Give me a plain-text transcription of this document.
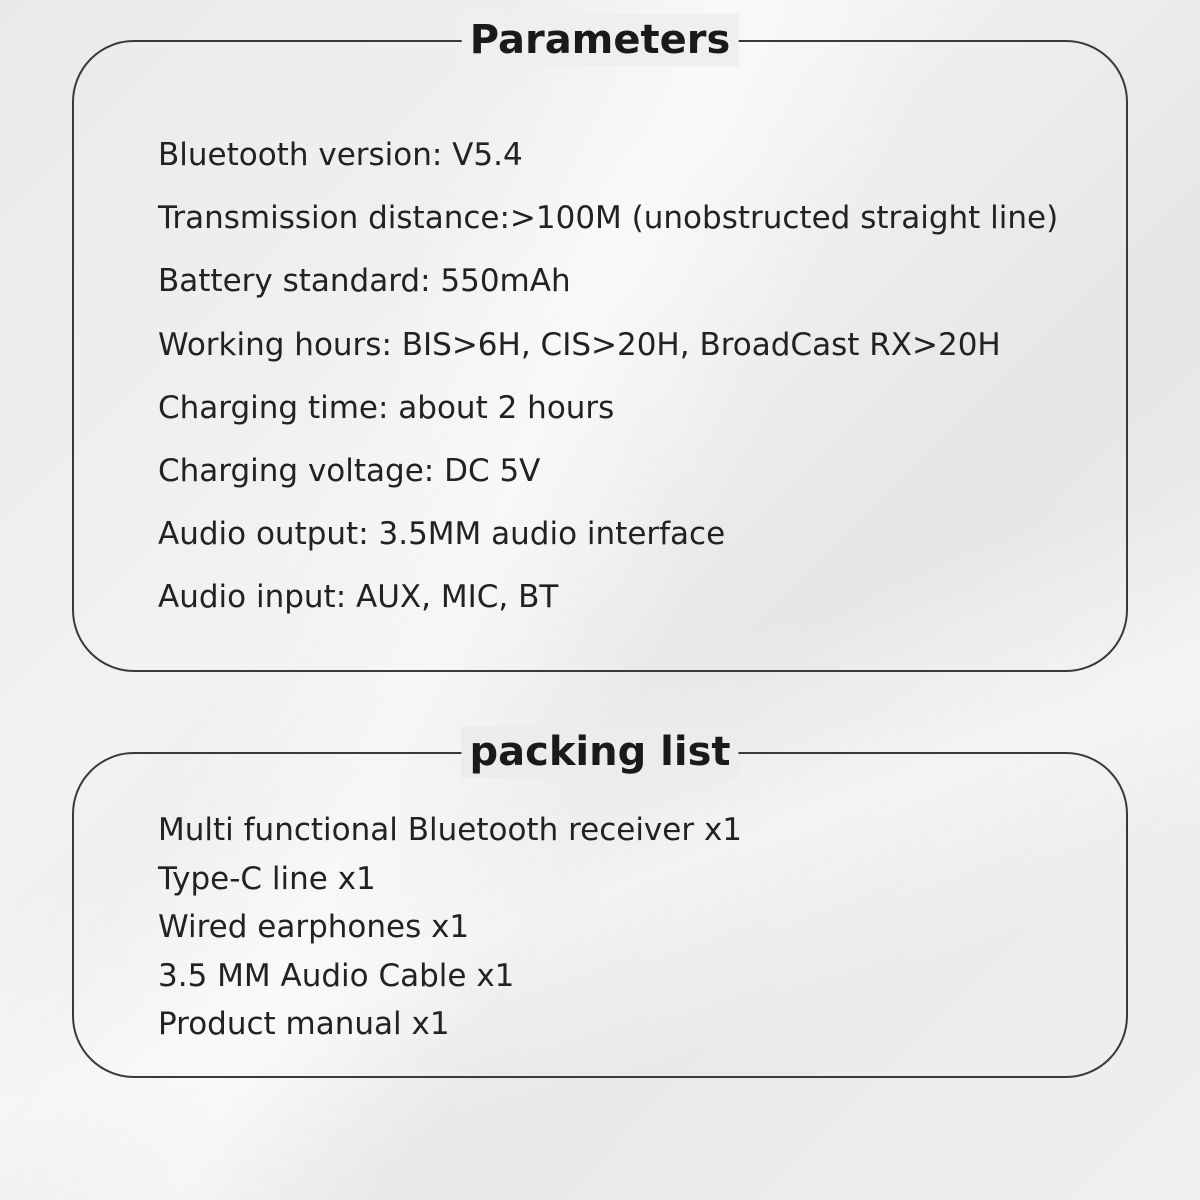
Parameters
Bluetooth version: V5.4
Transmission distance:>100M (unobstructed straight line)
Battery standard: 550mAh
Working hours: BIS>6H, CIS>20H, BroadCast RX>20H
Charging time: about 2 hours
Charging voltage: DC 5V
Audio output: 3.5MM audio interface
Audio input: AUX, MIC, BT
packing list
Multi functional Bluetooth receiver x1
Type-C line x1
Wired earphones x1
3.5 MM Audio Cable x1
Product manual x1
